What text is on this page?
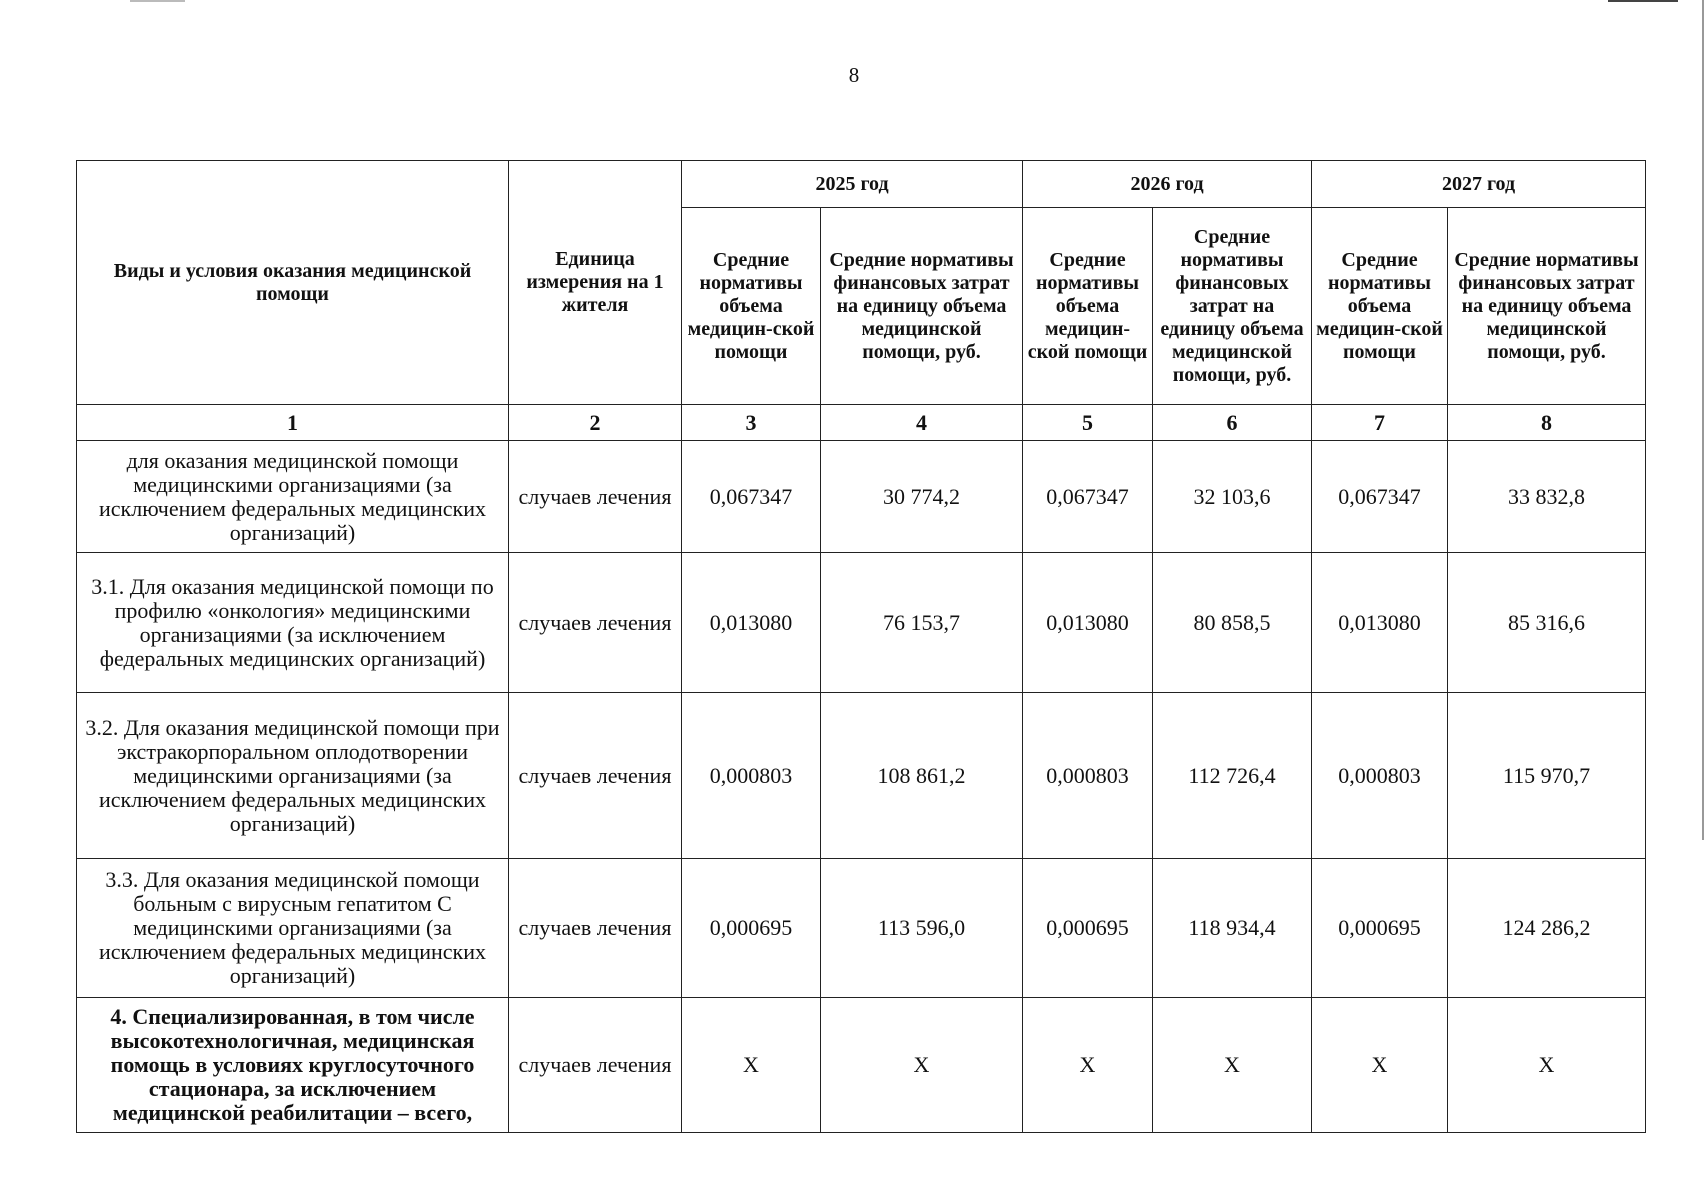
8
Виды и условия оказания медицинской помощи	Единица измерения на 1 жителя	2025 год		2026 год		2027 год	
		Средние нормативы объема медицин-ской помощи	Средние нормативы финансовых затрат на единицу объема медицинской помощи, руб.	Средние нормативы объема медицин-ской помощи	Средние нормативы финансовых затрат на единицу объема медицинской помощи, руб.	Средние нормативы объема медицин-ской помощи	Средние нормативы финансовых затрат на единицу объема медицинской помощи, руб.
1	2	3	4	5	6	7	8
для оказания медицинской помощи медицинскими организациями (за исключением федеральных медицинских организаций)	случаев лечения	0,067347	30 774,2	0,067347	32 103,6	0,067347	33 832,8
3.1. Для оказания медицинской помощи по профилю «онкология» медицинскими организациями (за исключением федеральных медицинских организаций)	случаев лечения	0,013080	76 153,7	0,013080	80 858,5	0,013080	85 316,6
3.2. Для оказания медицинской помощи при экстракорпоральном оплодотворении медицинскими организациями (за исключением федеральных медицинских организаций)	случаев лечения	0,000803	108 861,2	0,000803	112 726,4	0,000803	115 970,7
3.3. Для оказания медицинской помощи больным с вирусным гепатитом С медицинскими организациями (за исключением федеральных медицинских организаций)	случаев лечения	0,000695	113 596,0	0,000695	118 934,4	0,000695	124 286,2
4. Специализированная, в том числе высокотехнологичная, медицинская помощь в условиях круглосуточного стационара, за исключением медицинской реабилитации – всего,	случаев лечения	Х	Х	Х	Х	Х	Х
